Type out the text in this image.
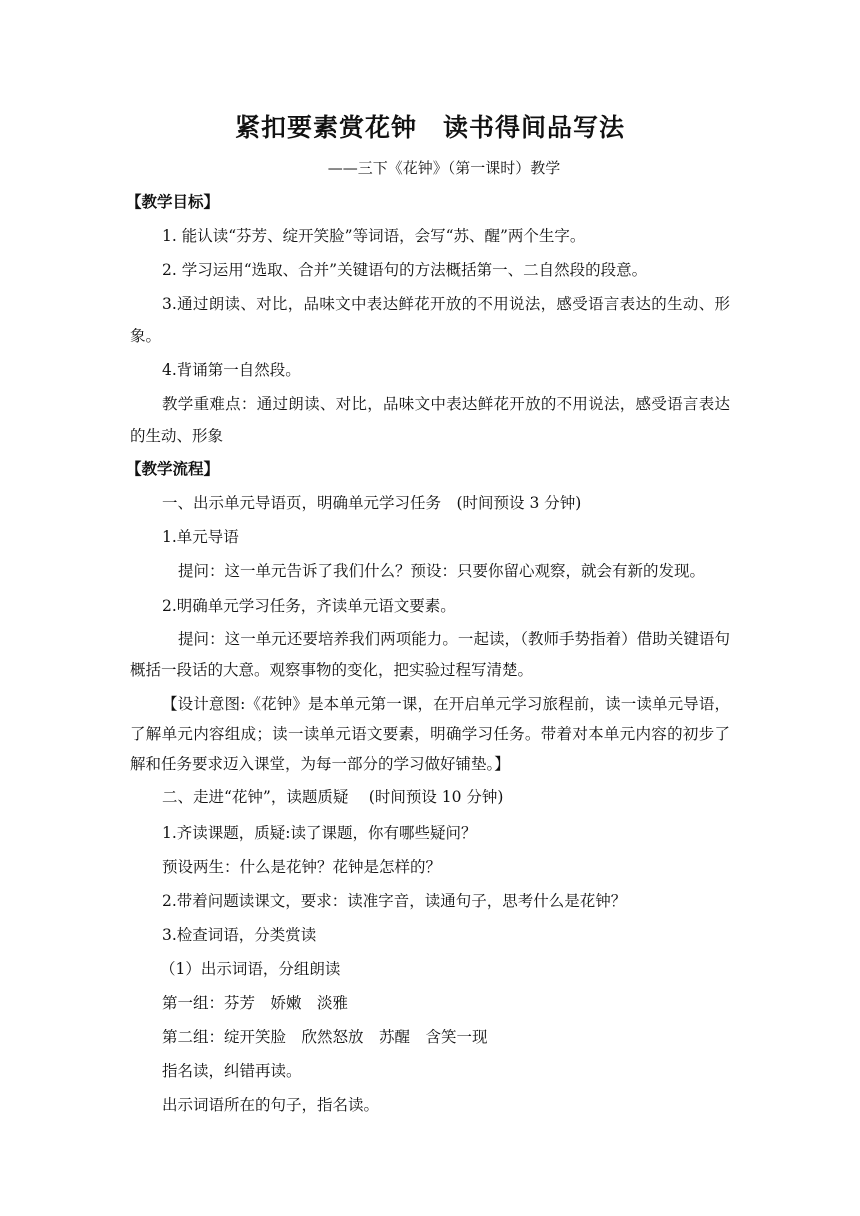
紧扣要素赏花钟　读书得间品写法
——三下《花钟》（第一课时）教学

【教学目标】

1. 能认读“芬芳、绽开笑脸”等词语，会写“苏、醒”两个生字。

2. 学习运用“选取、合并”关键语句的方法概括第一、二自然段的段意。

3.通过朗读、对比，品味文中表达鲜花开放的不用说法，感受语言表达的生动、形象。

4.背诵第一自然段。

教学重难点：通过朗读、对比，品味文中表达鲜花开放的不用说法，感受语言表达的生动、形象

【教学流程】

一、出示单元导语页，明确单元学习任务　(时间预设 3 分钟)

1.单元导语

提问：这一单元告诉了我们什么？预设：只要你留心观察，就会有新的发现。

2.明确单元学习任务，齐读单元语文要素。

提问：这一单元还要培养我们两项能力。一起读，（教师手势指着）借助关键语句概括一段话的大意。观察事物的变化，把实验过程写清楚。

【设计意图:《花钟》是本单元第一课，在开启单元学习旅程前，读一读单元导语，了解单元内容组成；读一读单元语文要素，明确学习任务。带着对本单元内容的初步了解和任务要求迈入课堂，为每一部分的学习做好铺垫。】

二、走进“花钟”，读题质疑　 (时间预设 10 分钟)

1.齐读课题，质疑:读了课题，你有哪些疑问？

预设两生：什么是花钟？花钟是怎样的？

2.带着问题读课文，要求：读准字音，读通句子，思考什么是花钟？

3.检查词语，分类赏读

（1）出示词语，分组朗读

第一组：芬芳　娇嫩　淡雅

第二组：绽开笑脸　欣然怒放　苏醒　含笑一现

指名读，纠错再读。

出示词语所在的句子，指名读。
